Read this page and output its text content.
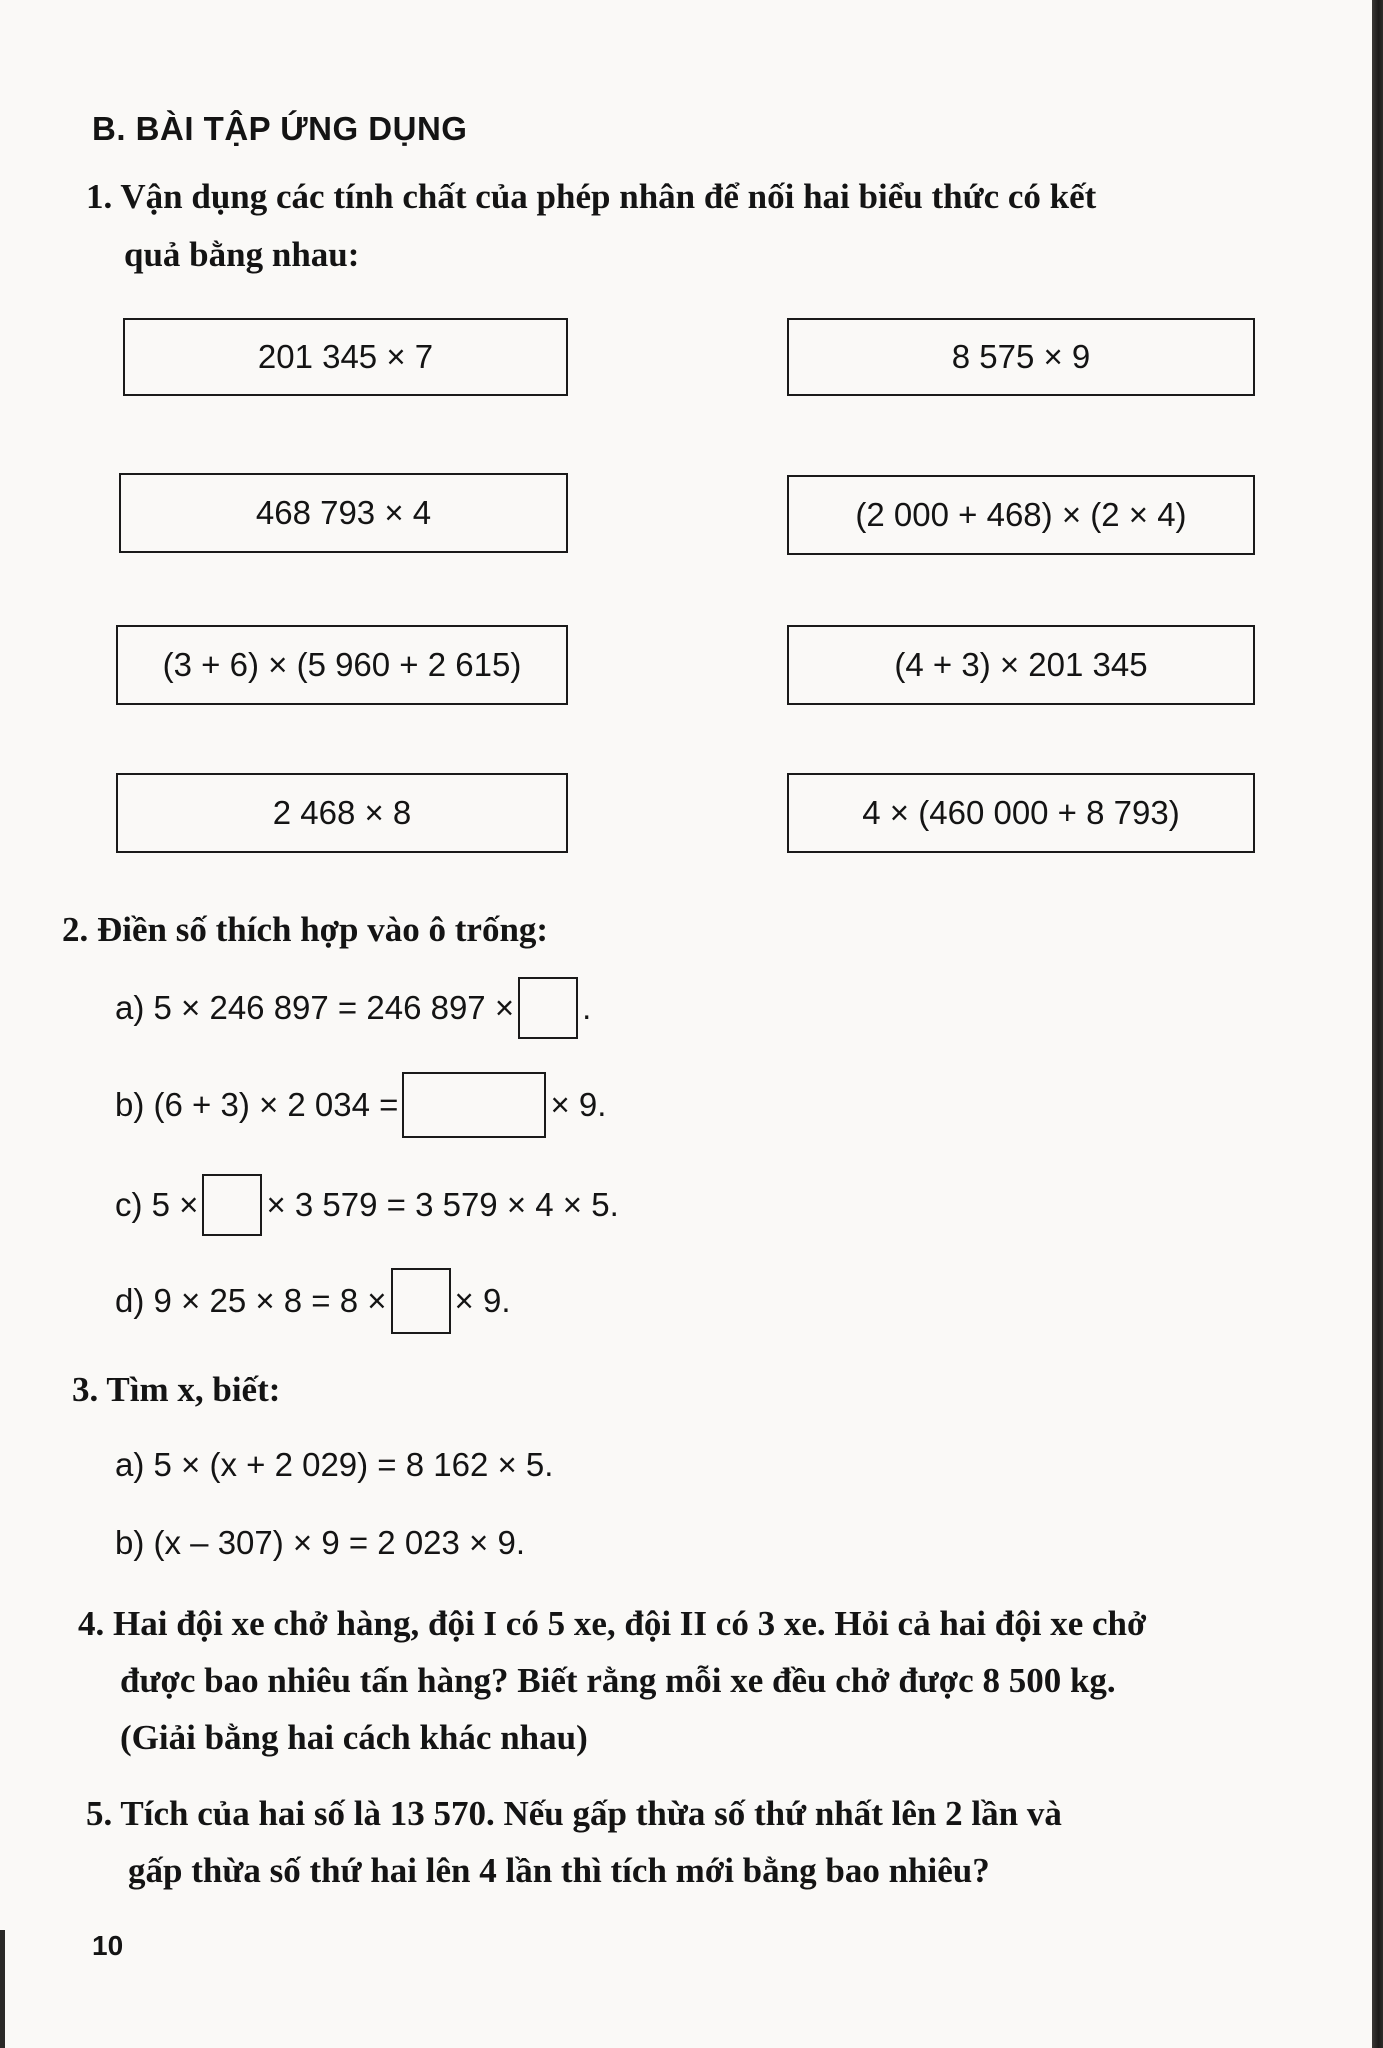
B. BÀI TẬP ỨNG DỤNG
1. Vận dụng các tính chất của phép nhân để nối hai biểu thức có kết
quả bằng nhau:
201 345 × 7	8 575 × 9
468 793 × 4	(2 000 + 468) × (2 × 4)
(3 + 6) × (5 960 + 2 615)	(4 + 3) × 201 345
2 468 × 8	4 × (460 000 + 8 793)
2. Điền số thích hợp vào ô trống:
a) 5 × 246 897 = 246 897 × .
b) (6 + 3) × 2 034 =	× 9.
c) 5 × × 3 579 = 3 579 × 4 × 5.
d) 9 × 25 × 8 = 8 × × 9.
3. Tìm x, biết:
a) 5 × (x + 2 029) = 8 162 × 5.
b) (x – 307) × 9 = 2 023 × 9.
4. Hai đội xe chở hàng, đội I có 5 xe, đội II có 3 xe. Hỏi cả hai đội xe chở
được bao nhiêu tấn hàng? Biết rằng mỗi xe đều chở được 8 500 kg.
(Giải bằng hai cách khác nhau)
5. Tích của hai số là 13 570. Nếu gấp thừa số thứ nhất lên 2 lần và
gấp thừa số thứ hai lên 4 lần thì tích mới bằng bao nhiêu?
10
